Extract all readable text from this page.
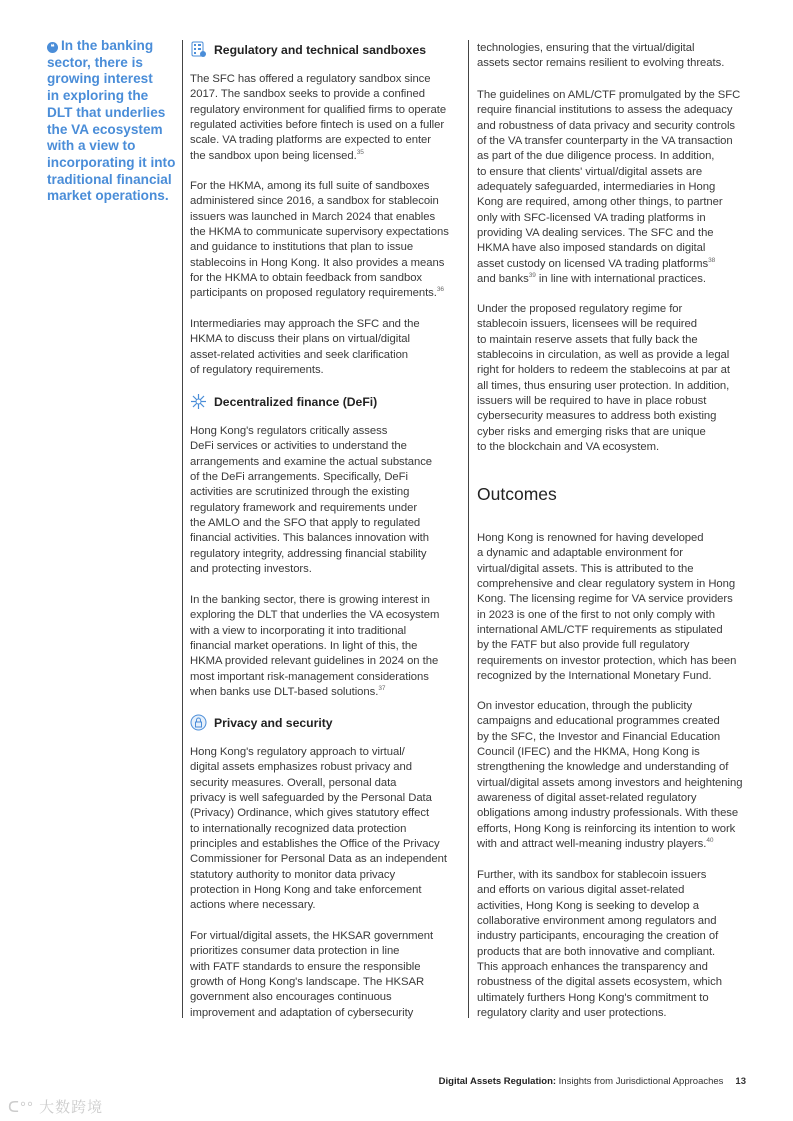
❝ In the banking
sector, there is
growing interest
in exploring the
DLT that underlies
the VA ecosystem
with a view to
incorporating it into
traditional financial
market operations.
Regulatory and technical sandboxes
The SFC has offered a regulatory sandbox since
2017. The sandbox seeks to provide a confined
regulatory environment for qualified firms to operate
regulated activities before fintech is used on a fuller
scale. VA trading platforms are expected to enter
the sandbox upon being licensed.$^{35}$
For the HKMA, among its full suite of sandboxes
administered since 2016, a sandbox for stablecoin
issuers was launched in March 2024 that enables
the HKMA to communicate supervisory expectations
and guidance to institutions that plan to issue
stablecoins in Hong Kong. It also provides a means
for the HKMA to obtain feedback from sandbox
participants on proposed regulatory requirements.$^{36}$
Intermediaries may approach the SFC and the
HKMA to discuss their plans on virtual/digital
asset-related activities and seek clarification
of regulatory requirements.
Decentralized finance (DeFi)
Hong Kong's regulators critically assess
DeFi services or activities to understand the
arrangements and examine the actual substance
of the DeFi arrangements. Specifically, DeFi
activities are scrutinized through the existing
regulatory framework and requirements under
the AMLO and the SFO that apply to regulated
financial activities. This balances innovation with
regulatory integrity, addressing financial stability
and protecting investors.
In the banking sector, there is growing interest in
exploring the DLT that underlies the VA ecosystem
with a view to incorporating it into traditional
financial market operations. In light of this, the
HKMA provided relevant guidelines in 2024 on the
most important risk-management considerations
when banks use DLT-based solutions.$^{37}$
Privacy and security
Hong Kong's regulatory approach to virtual/
digital assets emphasizes robust privacy and
security measures. Overall, personal data
privacy is well safeguarded by the Personal Data
(Privacy) Ordinance, which gives statutory effect
to internationally recognized data protection
principles and establishes the Office of the Privacy
Commissioner for Personal Data as an independent
statutory authority to monitor data privacy
protection in Hong Kong and take enforcement
actions where necessary.
For virtual/digital assets, the HKSAR government
prioritizes consumer data protection in line
with FATF standards to ensure the responsible
growth of Hong Kong's landscape. The HKSAR
government also encourages continuous
improvement and adaptation of cybersecurity
technologies, ensuring that the virtual/digital
assets sector remains resilient to evolving threats.
The guidelines on AML/CTF promulgated by the SFC
require financial institutions to assess the adequacy
and robustness of data privacy and security controls
of the VA transfer counterparty in the VA transaction
as part of the due diligence process. In addition,
to ensure that clients' virtual/digital assets are
adequately safeguarded, intermediaries in Hong
Kong are required, among other things, to partner
only with SFC-licensed VA trading platforms in
providing VA dealing services. The SFC and the
HKMA have also imposed standards on digital
asset custody on licensed VA trading platforms$^{38}$
and banks$^{39}$ in line with international practices.
Under the proposed regulatory regime for
stablecoin issuers, licensees will be required
to maintain reserve assets that fully back the
stablecoins in circulation, as well as provide a legal
right for holders to redeem the stablecoins at par at
all times, thus ensuring user protection. In addition,
issuers will be required to have in place robust
cybersecurity measures to address both existing
cyber risks and emerging risks that are unique
to the blockchain and VA ecosystem.
Outcomes
Hong Kong is renowned for having developed
a dynamic and adaptable environment for
virtual/digital assets. This is attributed to the
comprehensive and clear regulatory system in Hong
Kong. The licensing regime for VA service providers
in 2023 is one of the first to not only comply with
international AML/CTF requirements as stipulated
by the FATF but also provide full regulatory
requirements on investor protection, which has been
recognized by the International Monetary Fund.
On investor education, through the publicity
campaigns and educational programmes created
by the SFC, the Investor and Financial Education
Council (IFEC) and the HKMA, Hong Kong is
strengthening the knowledge and understanding of
virtual/digital assets among investors and heightening
awareness of digital asset-related regulatory
obligations among industry professionals. With these
efforts, Hong Kong is reinforcing its intention to work
with and attract well-meaning industry players.$^{40}$
Further, with its sandbox for stablecoin issuers
and efforts on various digital asset-related
activities, Hong Kong is seeking to develop a
collaborative environment among regulators and
industry participants, encouraging the creation of
products that are both innovative and compliant.
This approach enhances the transparency and
robustness of the digital assets ecosystem, which
ultimately furthers Hong Kong's commitment to
regulatory clarity and user protections.
Digital Assets Regulation: Insights from Jurisdictional Approaches 13
ᑕ°° 大数跨境
